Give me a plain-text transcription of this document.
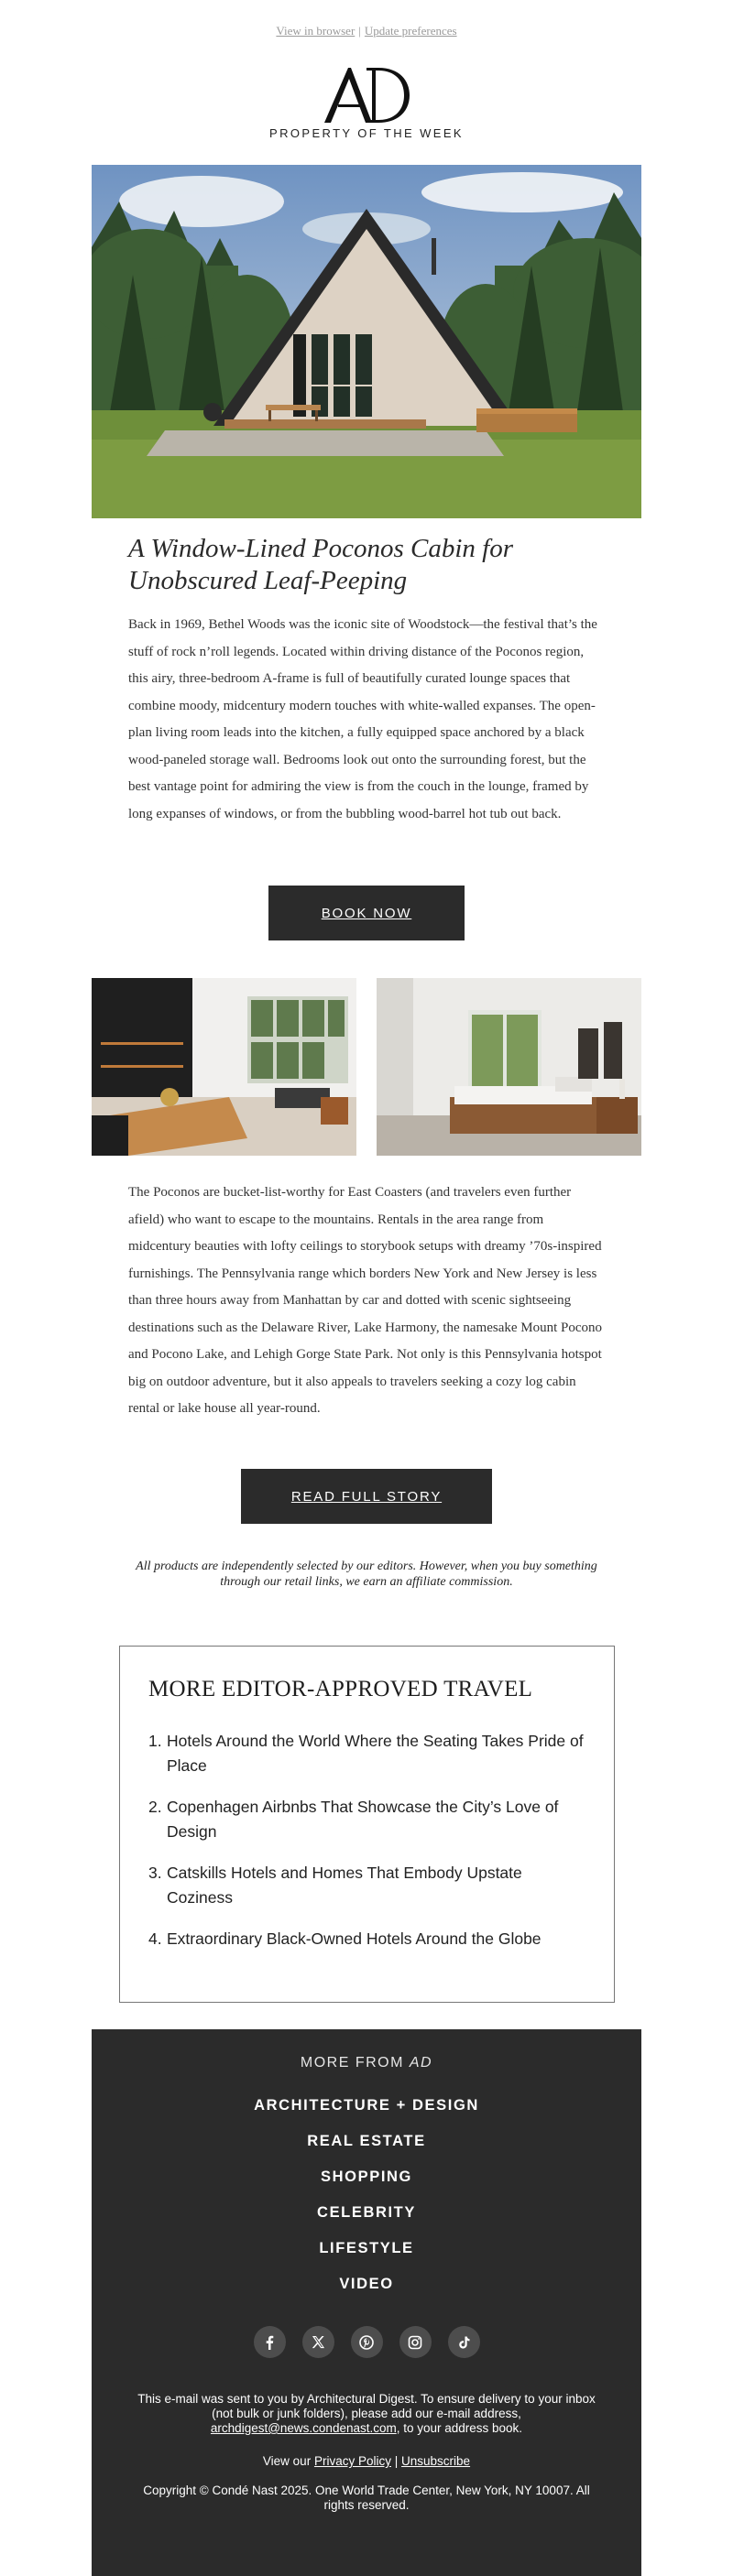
View in browser | Update preferences
PROPERTY OF THE WEEK
A Window-Lined Poconos Cabin for
Unobscured Leaf-Peeping

Back in 1969, Bethel Woods was the iconic site of Woodstock—the festival that’s the stuff of rock n’roll legends. Located within driving distance of the Poconos region, this airy, three-bedroom A-frame is full of beautifully curated lounge spaces that combine moody, midcentury modern touches with white-walled expanses. The open-plan living room leads into the kitchen, a fully equipped space anchored by a black wood-paneled storage wall. Bedrooms look out onto the surrounding forest, but the best vantage point for admiring the view is from the couch in the lounge, framed by long expanses of windows, or from the bubbling wood-barrel hot tub out back.

BOOK NOW

The Poconos are bucket-list-worthy for East Coasters (and travelers even further afield) who want to escape to the mountains. Rentals in the area range from midcentury beauties with lofty ceilings to storybook setups with dreamy ’70s-inspired furnishings. The Pennsylvania range which borders New York and New Jersey is less than three hours away from Manhattan by car and dotted with scenic sightseeing destinations such as the Delaware River, Lake Harmony, the namesake Mount Pocono and Pocono Lake, and Lehigh Gorge State Park. Not only is this Pennsylvania hotspot big on outdoor adventure, but it also appeals to travelers seeking a cozy log cabin rental or lake house all year-round.

READ FULL STORY

All products are independently selected by our editors. However, when you buy something through our retail links, we earn an affiliate commission.

MORE EDITOR-APPROVED TRAVEL
1. Hotels Around the World Where the Seating Takes Pride of Place
2. Copenhagen Airbnbs That Showcase the City’s Love of Design
3. Catskills Hotels and Homes That Embody Upstate Coziness
4. Extraordinary Black-Owned Hotels Around the Globe
MORE FROM AD
ARCHITECTURE + DESIGN
REAL ESTATE
SHOPPING
CELEBRITY
LIFESTYLE
VIDEO

This e-mail was sent to you by Architectural Digest. To ensure delivery to your inbox (not bulk or junk folders), please add our e-mail address, archdigest@news.condenast.com, to your address book.

View our Privacy Policy | Unsubscribe

Copyright © Condé Nast 2025. One World Trade Center, New York, NY 10007. All rights reserved.
